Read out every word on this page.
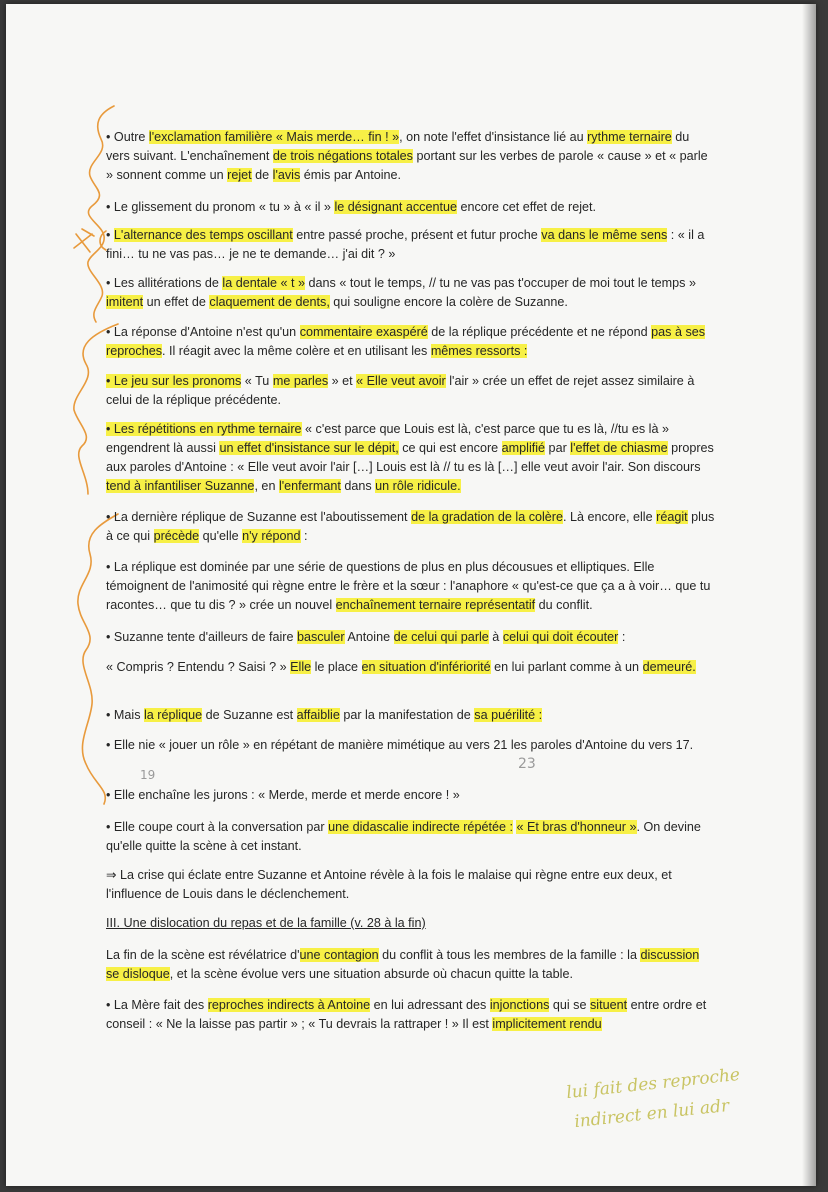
• Outre l'exclamation familière « Mais merde… fin ! », on note l'effet d'insistance lié au rythme ternaire du vers suivant. L'enchaînement de trois négations totales portant sur les verbes de parole « cause » et « parle » sonnent comme un rejet de l'avis émis par Antoine.

• Le glissement du pronom « tu » à « il » le désignant accentue encore cet effet de rejet.

• L'alternance des temps oscillant entre passé proche, présent et futur proche va dans le même sens : « il a fini… tu ne vas pas… je ne te demande… j'ai dit ? »

• Les allitérations de la dentale « t » dans « tout le temps, // tu ne vas pas t'occuper de moi tout le temps » imitent un effet de claquement de dents, qui souligne encore la colère de Suzanne.

• La réponse d'Antoine n'est qu'un commentaire exaspéré de la réplique précédente et ne répond pas à ses reproches. Il réagit avec la même colère et en utilisant les mêmes ressorts :

• Le jeu sur les pronoms « Tu me parles » et « Elle veut avoir l'air » crée un effet de rejet assez similaire à celui de la réplique précédente.

• Les répétitions en rythme ternaire « c'est parce que Louis est là, c'est parce que tu es là, //tu es là » engendrent là aussi un effet d'insistance sur le dépit, ce qui est encore amplifié par l'effet de chiasme propres aux paroles d'Antoine : « Elle veut avoir l'air […] Louis est là // tu es là […] elle veut avoir l'air. Son discours tend à infantiliser Suzanne, en l'enfermant dans un rôle ridicule.

• La dernière réplique de Suzanne est l'aboutissement de la gradation de la colère. Là encore, elle réagit plus à ce qui précède qu'elle n'y répond :

• La réplique est dominée par une série de questions de plus en plus décousues et elliptiques. Elle témoignent de l'animosité qui règne entre le frère et la sœur : l'anaphore « qu'est-ce que ça a à voir… que tu racontes… que tu dis ? » crée un nouvel enchaînement ternaire représentatif du conflit.

• Suzanne tente d'ailleurs de faire basculer Antoine de celui qui parle à celui qui doit écouter :

« Compris ? Entendu ? Saisi ? » Elle le place en situation d'infériorité en lui parlant comme à un demeuré.

• Mais la réplique de Suzanne est affaiblie par la manifestation de sa puérilité :

• Elle nie « jouer un rôle » en répétant de manière mimétique au vers 21 les paroles d'Antoine du vers 17.

• Elle enchaîne les jurons : « Merde, merde et merde encore ! »

• Elle coupe court à la conversation par une didascalie indirecte répétée : « Et bras d'honneur ». On devine qu'elle quitte la scène à cet instant.

⇒ La crise qui éclate entre Suzanne et Antoine révèle à la fois le malaise qui règne entre eux deux, et l'influence de Louis dans le déclenchement.

III. Une dislocation du repas et de la famille (v. 28 à la fin)

La fin de la scène est révélatrice d'une contagion du conflit à tous les membres de la famille : la discussion se disloque, et la scène évolue vers une situation absurde où chacun quitte la table.

• La Mère fait des reproches indirects à Antoine en lui adressant des injonctions qui se situent entre ordre et conseil : « Ne la laisse pas partir » ; « Tu devrais la rattraper ! » Il est implicitement rendu

23
19
lui fait des reproche
indirect en lui adr
